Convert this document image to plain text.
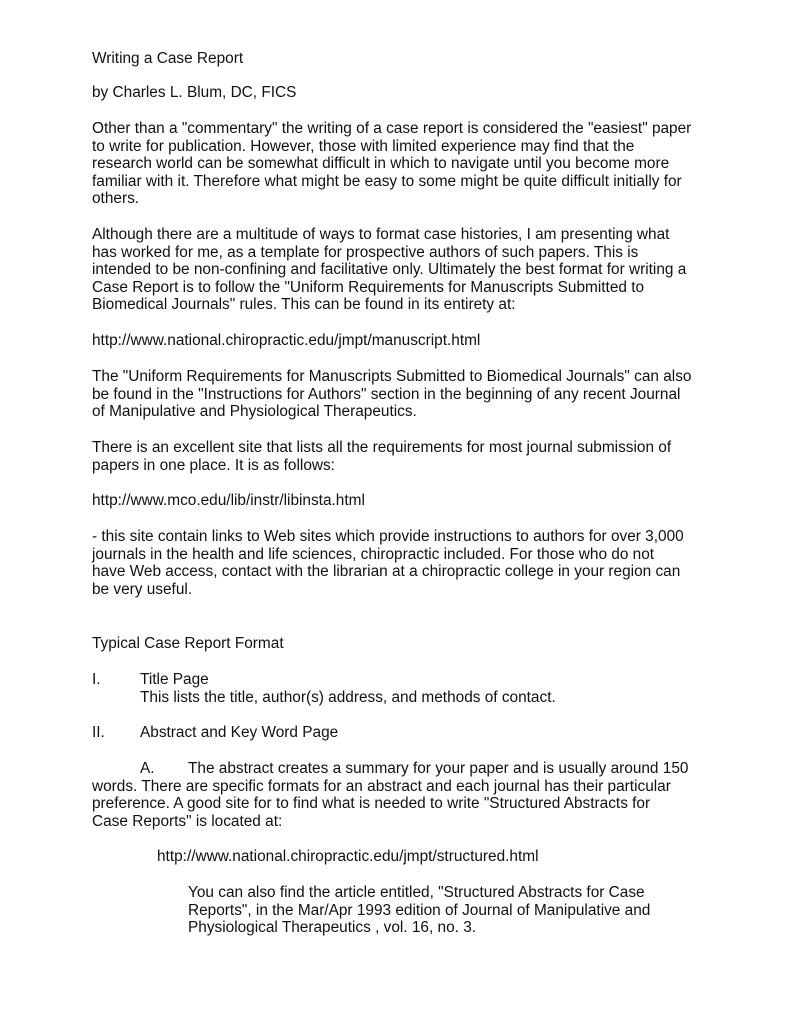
Writing a Case Report
by Charles L. Blum, DC, FICS
Other than a "commentary" the writing of a case report is considered the "easiest" paper
to write for publication. However, those with limited experience may find that the
research world can be somewhat difficult in which to navigate until you become more
familiar with it. Therefore what might be easy to some might be quite difficult initially for
others.
Although there are a multitude of ways to format case histories, I am presenting what
has worked for me, as a template for prospective authors of such papers. This is
intended to be non-confining and facilitative only. Ultimately the best format for writing a
Case Report is to follow the "Uniform Requirements for Manuscripts Submitted to
Biomedical Journals" rules. This can be found in its entirety at:
http://www.national.chiropractic.edu/jmpt/manuscript.html
The "Uniform Requirements for Manuscripts Submitted to Biomedical Journals" can also
be found in the "Instructions for Authors" section in the beginning of any recent Journal
of Manipulative and Physiological Therapeutics.
There is an excellent site that lists all the requirements for most journal submission of
papers in one place. It is as follows:
http://www.mco.edu/lib/instr/libinsta.html
- this site contain links to Web sites which provide instructions to authors for over 3,000
journals in the health and life sciences, chiropractic included. For those who do not
have Web access, contact with the librarian at a chiropractic college in your region can
be very useful.
Typical Case Report Format
I.	Title Page
This lists the title, author(s) address, and methods of contact.
II. Abstract and Key Word Page
A. The abstract creates a summary for your paper and is usually around 150
words. There are specific formats for an abstract and each journal has their particular
preference. A good site for to find what is needed to write "Structured Abstracts for
Case Reports" is located at:
http://www.national.chiropractic.edu/jmpt/structured.html
You can also find the article entitled, "Structured Abstracts for Case
Reports", in the Mar/Apr 1993 edition of Journal of Manipulative and
Physiological Therapeutics , vol. 16, no. 3.
